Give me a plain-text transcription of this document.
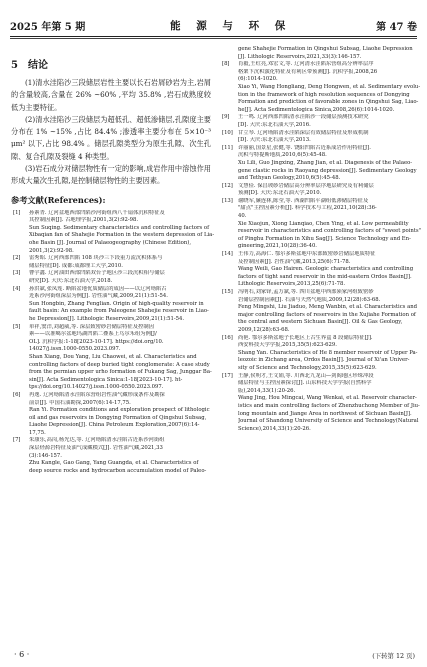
2025 年第 5 期	能 源 与 环 保	第 47 卷
5　结论

(1)清水洼陷沙三段储层岩性主要以长石岩屑砂岩为主,岩屑的含量较高,含量在 26% ~60% ,平均 35.8% ,岩石成熟度较低为主要特征。

(2)清水洼陷沙三段储层为超低孔、超低渗储层,孔隙度主要分布在 1% ~15% ,占比 84.4% ;渗透率主要分布在 5×10⁻³ μm² 以下,占比 98.4% 。储层孔隙类型分为原生孔隙、次生孔隙、复合孔隙及裂缝 4 种类型。

(3)岩石成分对储层物性有一定的影响,成岩作用中溶蚀作用形成大量次生孔隙,是控制储层物性的主要因素。

参考文献(References):
[1]	孙素青. 辽河盆地西部凹陷沙河街组西八千扇体沉积特征及
其控制因素[J]. 古地理学报,2001,3(2):92-98.
Sun Suqing. Sedimentary characteristics and controlling factors of
Xibaqian fan of Shahejie Formation in the western depression of Lia-
ohe Basin [J]. Journal of Palaeogeography (Chinese Edition),
2001,3(2):92-98.
[2]	雷秀昭. 辽河西部凹陷 108 块沙三下段重力流沉积体系与
储层特征[D]. 成都:成都理工大学,2010.
[3]	曹宇鑫. 辽河油田西部凹陷双台子地区沙三段沉积相与储层
研究[D]. 大庆:东北石油大学,2018.
[4]	孙洪斌,张凤莲. 断陷盆地优质储层的成因——以辽河坳陷古
近系沙河街组深层为例[J]. 岩性油气藏,2009,21(1):51-54.
Sun Hongbin, Zhang Fenglian. Origin of high-quality reservoir in
fault basin: An example from Paleogene Shahejie reservoir in Liao-
he Depression[J]. Lithologic Reservoirs,2009,21(1):51-54.
[5]	单祥,窦洋,刘超威,等. 深层致密砂岩储层特征及控制因
素——以准噶尔盆地玛湖凹陷二叠系上乌尔禾组为例[J/
OL]. 沉积学报:1-18[2023-10-17]. https://doi.org/10.
14027/j.issn.1000-0550.2023.097.
Shan Xiang, Dou Yang, Liu Chaowei, et al. Characteristics and
controlling factors of deep buried tight conglomerate: A case study
from the permian upper urho formation of Fukang Sag, Junggar Ba-
sin[J]. Acta Sedimentologica Sinica:1-18[2023-10-17]. ht-
tps://doi.org/10.14027/j.issn.1000-0550.2023.097.
[6]	冉逸. 辽河坳陷清水洼陷东营组岩性油气藏形成条件及勘探
前景[J]. 中国石油勘探,2007(6):14-17,75.
Ran Yi. Formation conditions and exploration prospect of lithologic
oil and gas reservoirs in Dongying Formation of Qingshui Subsag,
Liaohe Depression[J]. China Petroleum Exploration,2007(6):14-
17,75.
[7]	朱康乐,高岗,杨光达,等. 辽河坳陷清水洼陷古近系沙河街组
深层烃源岩特征及油气成藏模式[J]. 岩性油气藏,2021,33
(3):146-157.
Zhu Kangle, Gao Gang, Yang Guangda, et al. Characteristics of
deep source rocks and hydrocarbon accumulation model of Paleo-
gene Shahejie Formation in Qingshui Subsag, Liaohe Depression
[J]. Lithologic Reservoirs,2021,33(3):146-157.
[8]	肖毅,王红亮,邓宏文,等. 辽河清水洼陷东营组高分辨率层序
格架下沉积演化特征及有利区带预测[J]. 沉积学报,2008,26
(6):1014-1020.
Xiao Yi, Wang Hongliang, Deng Hongwen, et al. Sedimentary evolu-
tion in the framework of high resolution sequences of Dongying
Formation and prediction of favorable zones in Qingshui Sag, Liao-
he[J]. Acta Sedimentologica Sinica,2008,26(6):1014-1020.
[9]	王一鸣. 辽河西部凹陷清水洼陷沙一段储层预测技术研究
[D]. 大庆:东北石油大学,2016.
[10] 甘立琴. 辽河坳陷清水洼陷深层有效储层特征及形成机制
[D]. 大庆:东北石油大学,2013.
[11] 许丽丽,国景星,张健,等. 饶阳凹陷古近系成岩作用特征[J].
沉积与特提斯地质,2010,6(5):45-48.
Xu Lili, Guo Jingxing, Zhang Jian, et al. Diagenesis of the Palaeo-
gene clastic rocks in Raoyang depression[J]. Sedimentary Geology
and Tethyan Geology,2010,6(5):45-48.
[12] 文慧俭. 保昌坡砂岩储层高分辨率层序地层研究及有利储层
预测[D]. 大庆:东北石油大学,2010.
[13] 谢晓军,廉连林,陈莹,等. 西湖凹陷平湖组低渗储层特征及
"甜点"主控因素分析[J]. 科学技术与工程,2021,10(28):36-
40.
Xie Xiaojun, Xiong Lianqiao, Chen Ying, et al. Low permeability
reservoir in characteristics and controlling factors of "sweet points"
of Pinghu Formation in Xihu Sag[J]. Science Technology and En-
gineering,2021,10(28):36-40.
[14] 王伟力,高海仁. 鄂尔多斯盆地中东部致密砂岩储层地质特征
及控制因素[J]. 岩性油气藏,2013,25(6):71-78.
Wang Weili, Gao Hairen. Geologic characteristics and controlling
factors of tight sand reservoir in the mid-eastern Ordos Basin[J].
Lithologic Reservoirs,2013,25(6):71-78.
[15] 冯明石,刘家铎,孟万斌,等. 四川盆地中西部须家河组致密砂
岩储层控制因素[J]. 石油与天然气地质,2009,12(28):63-68.
Feng Mingshi, Liu Jiaduo, Meng Wanbin, et al. Characteristics and
major controlling factors of reservoirs in the Xujiahe Formation of
the central and western Sichuan Basin[J]. Oil & Gas Geology,
2009,12(28):63-68.
[16] 尚艳. 鄂尔多斯盆地子长地区上古生界盒 8 段储层特征[J].
西安科技大学学报,2015,35(5):623-629.
Shang Yan. Characteristics of He 8 member reservoir of Upper Pa-
leozoic in Zichang area, Ordos Basin[J]. Journal of Xi'an Univer-
sity of Science and Technology,2015,35(5):623-629.
[17] 王静,侯明才,王文娟,等. 川西北九龙山—剑阁地区珍珠冲段
储层特征与主控因素探讨[J]. 山东科技大学学报(自然科学
版),2014,33(1):20-26.
Wang Jing, Hou Mingcai, Wang Wenkai, et al. Reservoir character-
istics and main controlling factors of Zhenzhuchong Member of Jiu-
long mountain and Jiange Area in northwest of Sichuan Basin[J].
Journal of Shandong University of Science and Technology(Natural
Science),2014,33(1):20-26.
· 6 ·	(下转第 12 页)
